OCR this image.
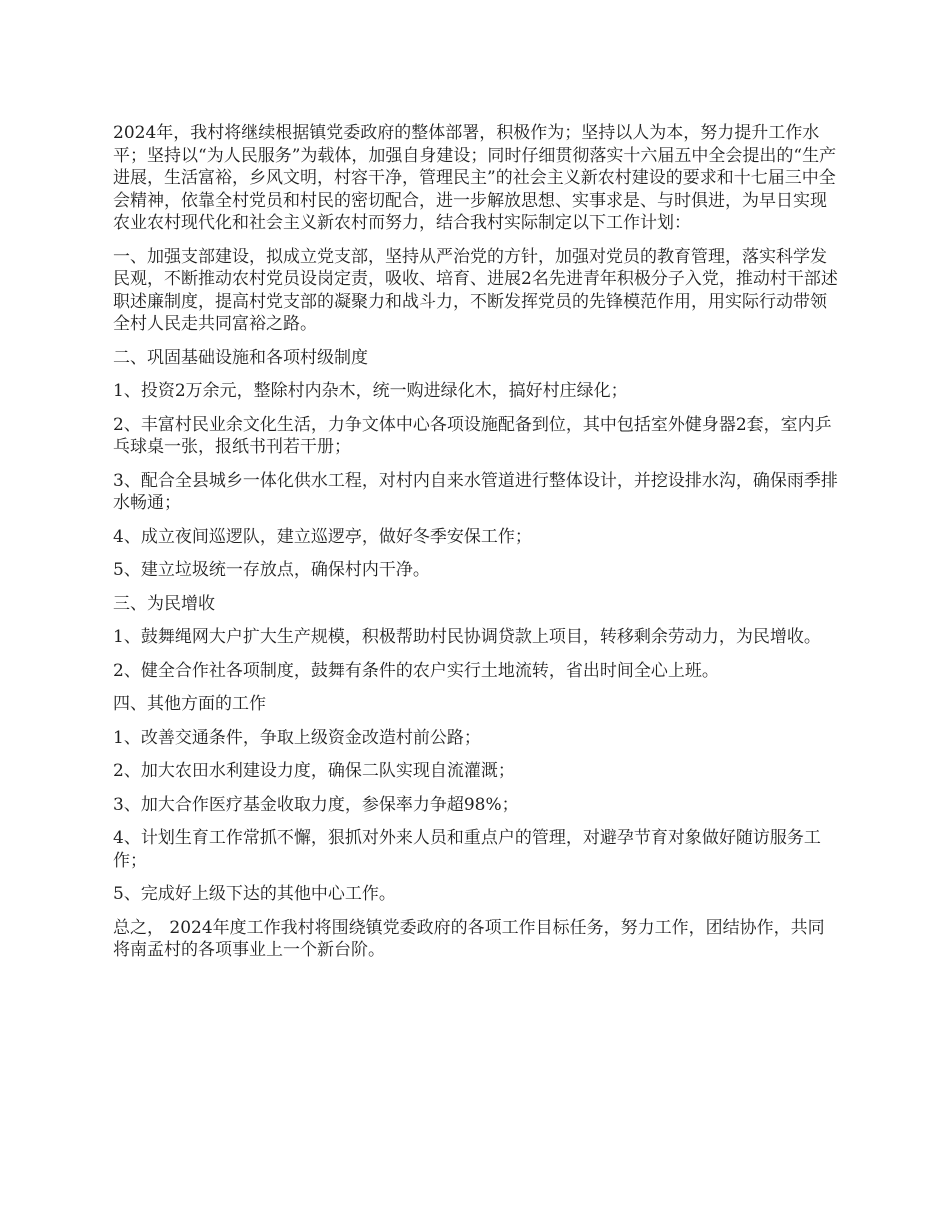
2024年，我村将继续根据镇党委政府的整体部署，积极作为；坚持以人为本，努力提升工作水平；坚持以“为人民服务”为载体，加强自身建设；同时仔细贯彻落实十六届五中全会提出的“生产进展，生活富裕，乡风文明，村容干净，管理民主”的社会主义新农村建设的要求和十七届三中全会精神，依靠全村党员和村民的密切配合，进一步解放思想、实事求是、与时俱进，为早日实现农业农村现代化和社会主义新农村而努力，结合我村实际制定以下工作计划：

一、加强支部建设，拟成立党支部，坚持从严治党的方针，加强对党员的教育管理，落实科学发民观，不断推动农村党员设岗定责，吸收、培育、进展2名先进青年积极分子入党，推动村干部述职述廉制度，提高村党支部的凝聚力和战斗力，不断发挥党员的先锋模范作用，用实际行动带领全村人民走共同富裕之路。

二、巩固基础设施和各项村级制度

1、投资2万余元，整除村内杂木，统一购进绿化木，搞好村庄绿化；

2、丰富村民业余文化生活，力争文体中心各项设施配备到位，其中包括室外健身器2套，室内乒乓球桌一张，报纸书刊若干册；

3、配合全县城乡一体化供水工程，对村内自来水管道进行整体设计，并挖设排水沟，确保雨季排水畅通；

4、成立夜间巡逻队，建立巡逻亭，做好冬季安保工作；

5、建立垃圾统一存放点，确保村内干净。

三、为民增收

1、鼓舞绳网大户扩大生产规模，积极帮助村民协调贷款上项目，转移剩余劳动力，为民增收。

2、健全合作社各项制度，鼓舞有条件的农户实行土地流转，省出时间全心上班。

四、其他方面的工作

1、改善交通条件，争取上级资金改造村前公路；

2、加大农田水利建设力度，确保二队实现自流灌溉；

3、加大合作医疗基金收取力度，参保率力争超98%；

4、计划生育工作常抓不懈，狠抓对外来人员和重点户的管理，对避孕节育对象做好随访服务工作；

5、完成好上级下达的其他中心工作。

总之， 2024年度工作我村将围绕镇党委政府的各项工作目标任务，努力工作，团结协作，共同将南孟村的各项事业上一个新台阶。
